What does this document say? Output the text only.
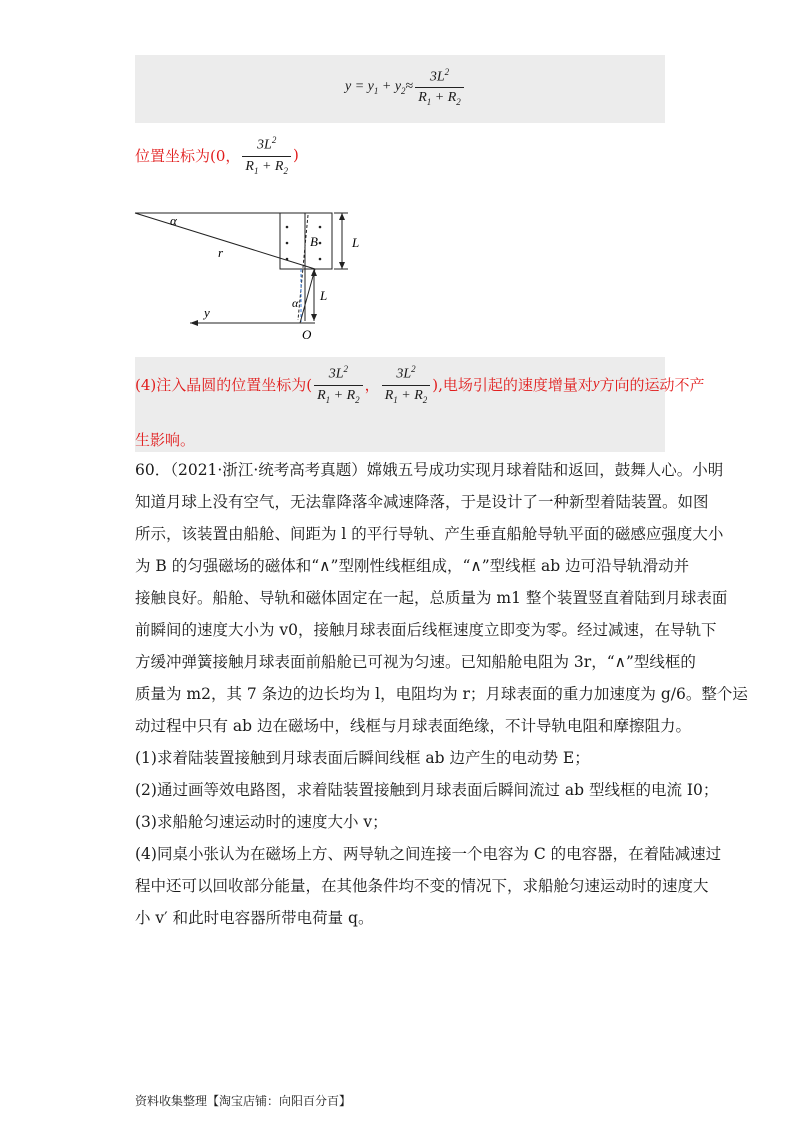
$y = y_1 + y_2 \approx \frac{3L^2}{R_1 + R_2}$
位置坐标为(0， $\frac{3L^2}{R_1 + R_2}$ )
α
r
B	L
L
α
y
O
(4)注入晶圆的位置坐标为( $\frac{3L^2}{R_1 + R_2}$ ， $\frac{3L^2}{R_1 + R_2}$ ),电场引起的速度增量对 y 方向的运动不产
生影响。
60．（2021·浙江·统考高考真题）嫦娥五号成功实现月球着陆和返回，鼓舞人心。小明
知道月球上没有空气，无法靠降落伞减速降落，于是设计了一种新型着陆装置。如图
所示，该装置由船舱、间距为 l 的平行导轨、产生垂直船舱导轨平面的磁感应强度大小
为 B 的匀强磁场的磁体和“∧”型刚性线框组成，“∧”型线框 ab 边可沿导轨滑动并
接触良好。船舱、导轨和磁体固定在一起，总质量为 m1 整个装置竖直着陆到月球表面
前瞬间的速度大小为 v0，接触月球表面后线框速度立即变为零。经过减速，在导轨下
方缓冲弹簧接触月球表面前船舱已可视为匀速。已知船舱电阻为 3r，“∧”型线框的
质量为 m2，其 7 条边的边长均为 l，电阻均为 r；月球表面的重力加速度为 g/6。整个运
动过程中只有 ab 边在磁场中，线框与月球表面绝缘，不计导轨电阻和摩擦阻力。
(1)求着陆装置接触到月球表面后瞬间线框 ab 边产生的电动势 E；
(2)通过画等效电路图，求着陆装置接触到月球表面后瞬间流过 ab 型线框的电流 I0；
(3)求船舱匀速运动时的速度大小 v；
(4)同桌小张认为在磁场上方、两导轨之间连接一个电容为 C 的电容器，在着陆减速过
程中还可以回收部分能量，在其他条件均不变的情况下，求船舱匀速运动时的速度大
小 v′ 和此时电容器所带电荷量 q。
资料收集整理【淘宝店铺：向阳百分百】
